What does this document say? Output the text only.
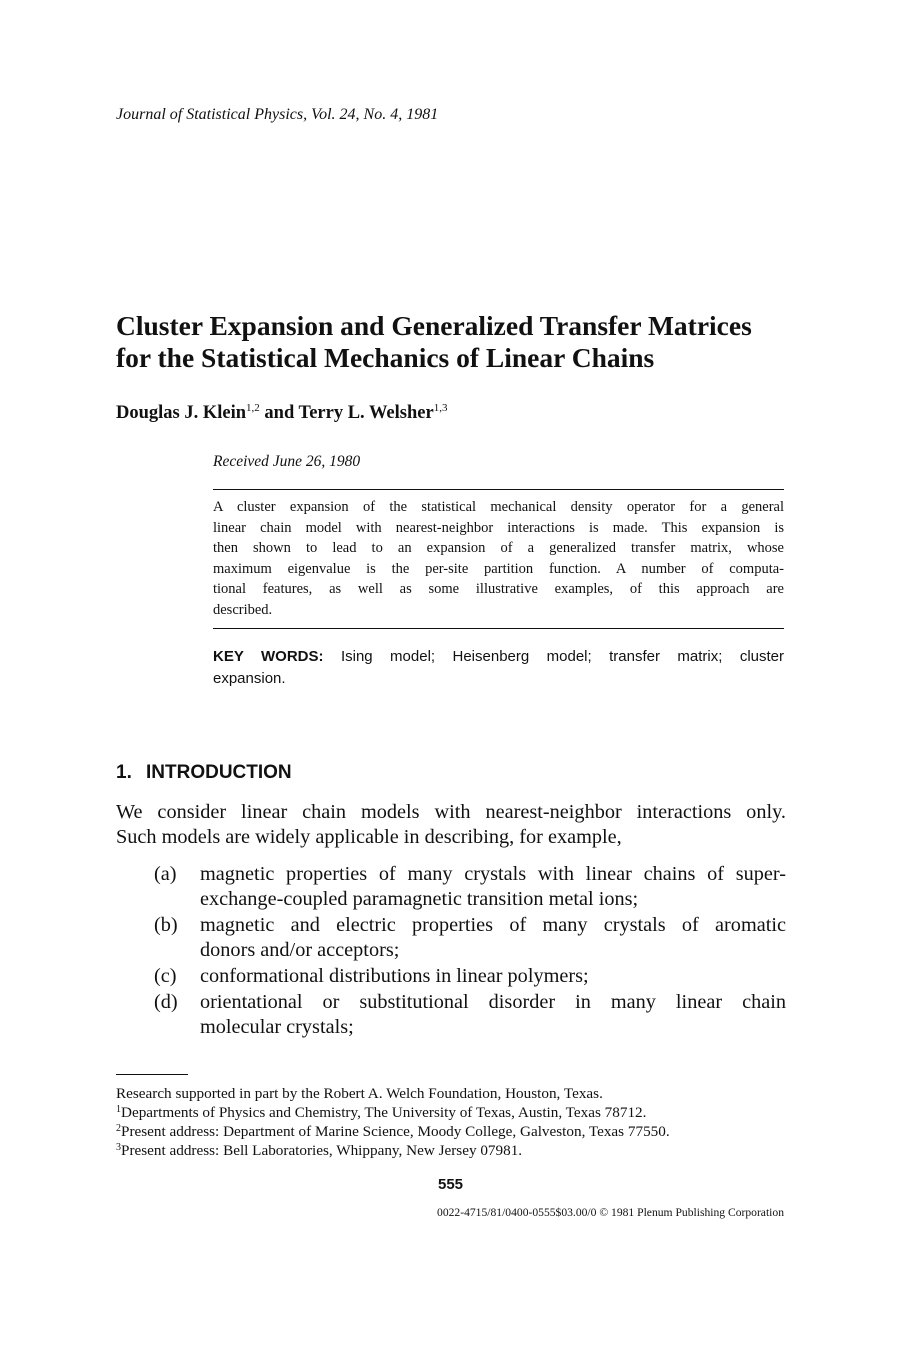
Journal of Statistical Physics, Vol. 24, No. 4, 1981
Cluster Expansion and Generalized Transfer Matrices
for the Statistical Mechanics of Linear Chains
Douglas J. Klein$^{1,2}$ and Terry L. Welsher$^{1,3}$
Received June 26, 1980
A cluster expansion of the statistical mechanical density operator for a general
linear chain model with nearest-neighbor interactions is made. This expansion is
then shown to lead to an expansion of a generalized transfer matrix, whose
maximum eigenvalue is the per-site partition function. A number of computa-
tional features, as well as some illustrative examples, of this approach are
described.
KEY WORDS: Ising model; Heisenberg model; transfer matrix; cluster
expansion.
1. INTRODUCTION
We consider linear chain models with nearest-neighbor interactions only.
Such models are widely applicable in describing, for example,
(a) magnetic properties of many crystals with linear chains of super-
exchange-coupled paramagnetic transition metal ions;
(b) magnetic and electric properties of many crystals of aromatic
donors and/or acceptors;
(c) conformational distributions in linear polymers;
(d) orientational or substitutional disorder in many linear chain
molecular crystals;
Research supported in part by the Robert A. Welch Foundation, Houston, Texas.
$^1$Departments of Physics and Chemistry, The University of Texas, Austin, Texas 78712.
$^2$Present address: Department of Marine Science, Moody College, Galveston, Texas 77550.
$^3$Present address: Bell Laboratories, Whippany, New Jersey 07981.
555
0022-4715/81/0400-0555$03.00/0 © 1981 Plenum Publishing Corporation
